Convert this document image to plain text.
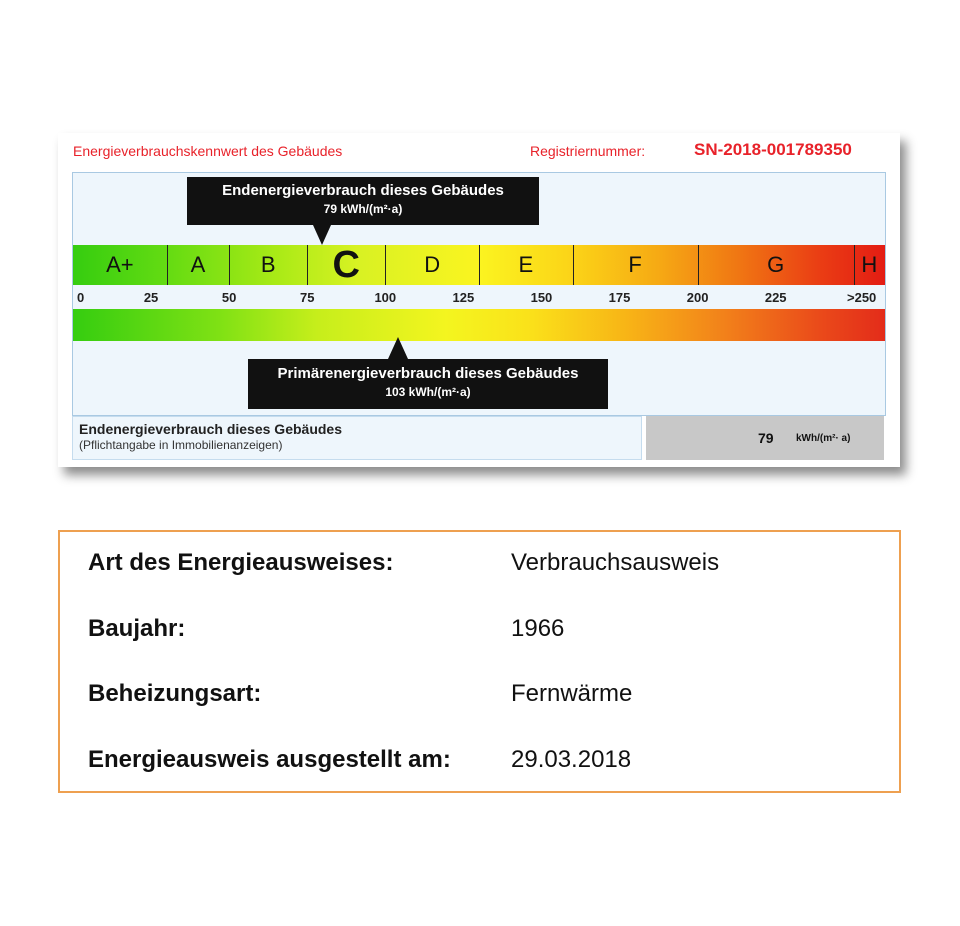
Energieverbrauchskennwert des Gebäudes	Registriernummer:	SN-2018-001789350
A+	A	B	C	D	E	F	G	H
0	25	50	75	100	125	150	175	200	225	>250
Endenergieverbrauch dieses Gebäudes
79 kWh/(m²·a)
Primärenergieverbrauch dieses Gebäudes
103 kWh/(m²·a)
Endenergieverbrauch dieses Gebäudes
(Pflichtangabe in Immobilienanzeigen)	79 kWh/(m²· a)
Art des Energieausweises:	Verbrauchsausweis
Baujahr:	1966
Beheizungsart:	Fernwärme
Energieausweis ausgestellt am:	29.03.2018
